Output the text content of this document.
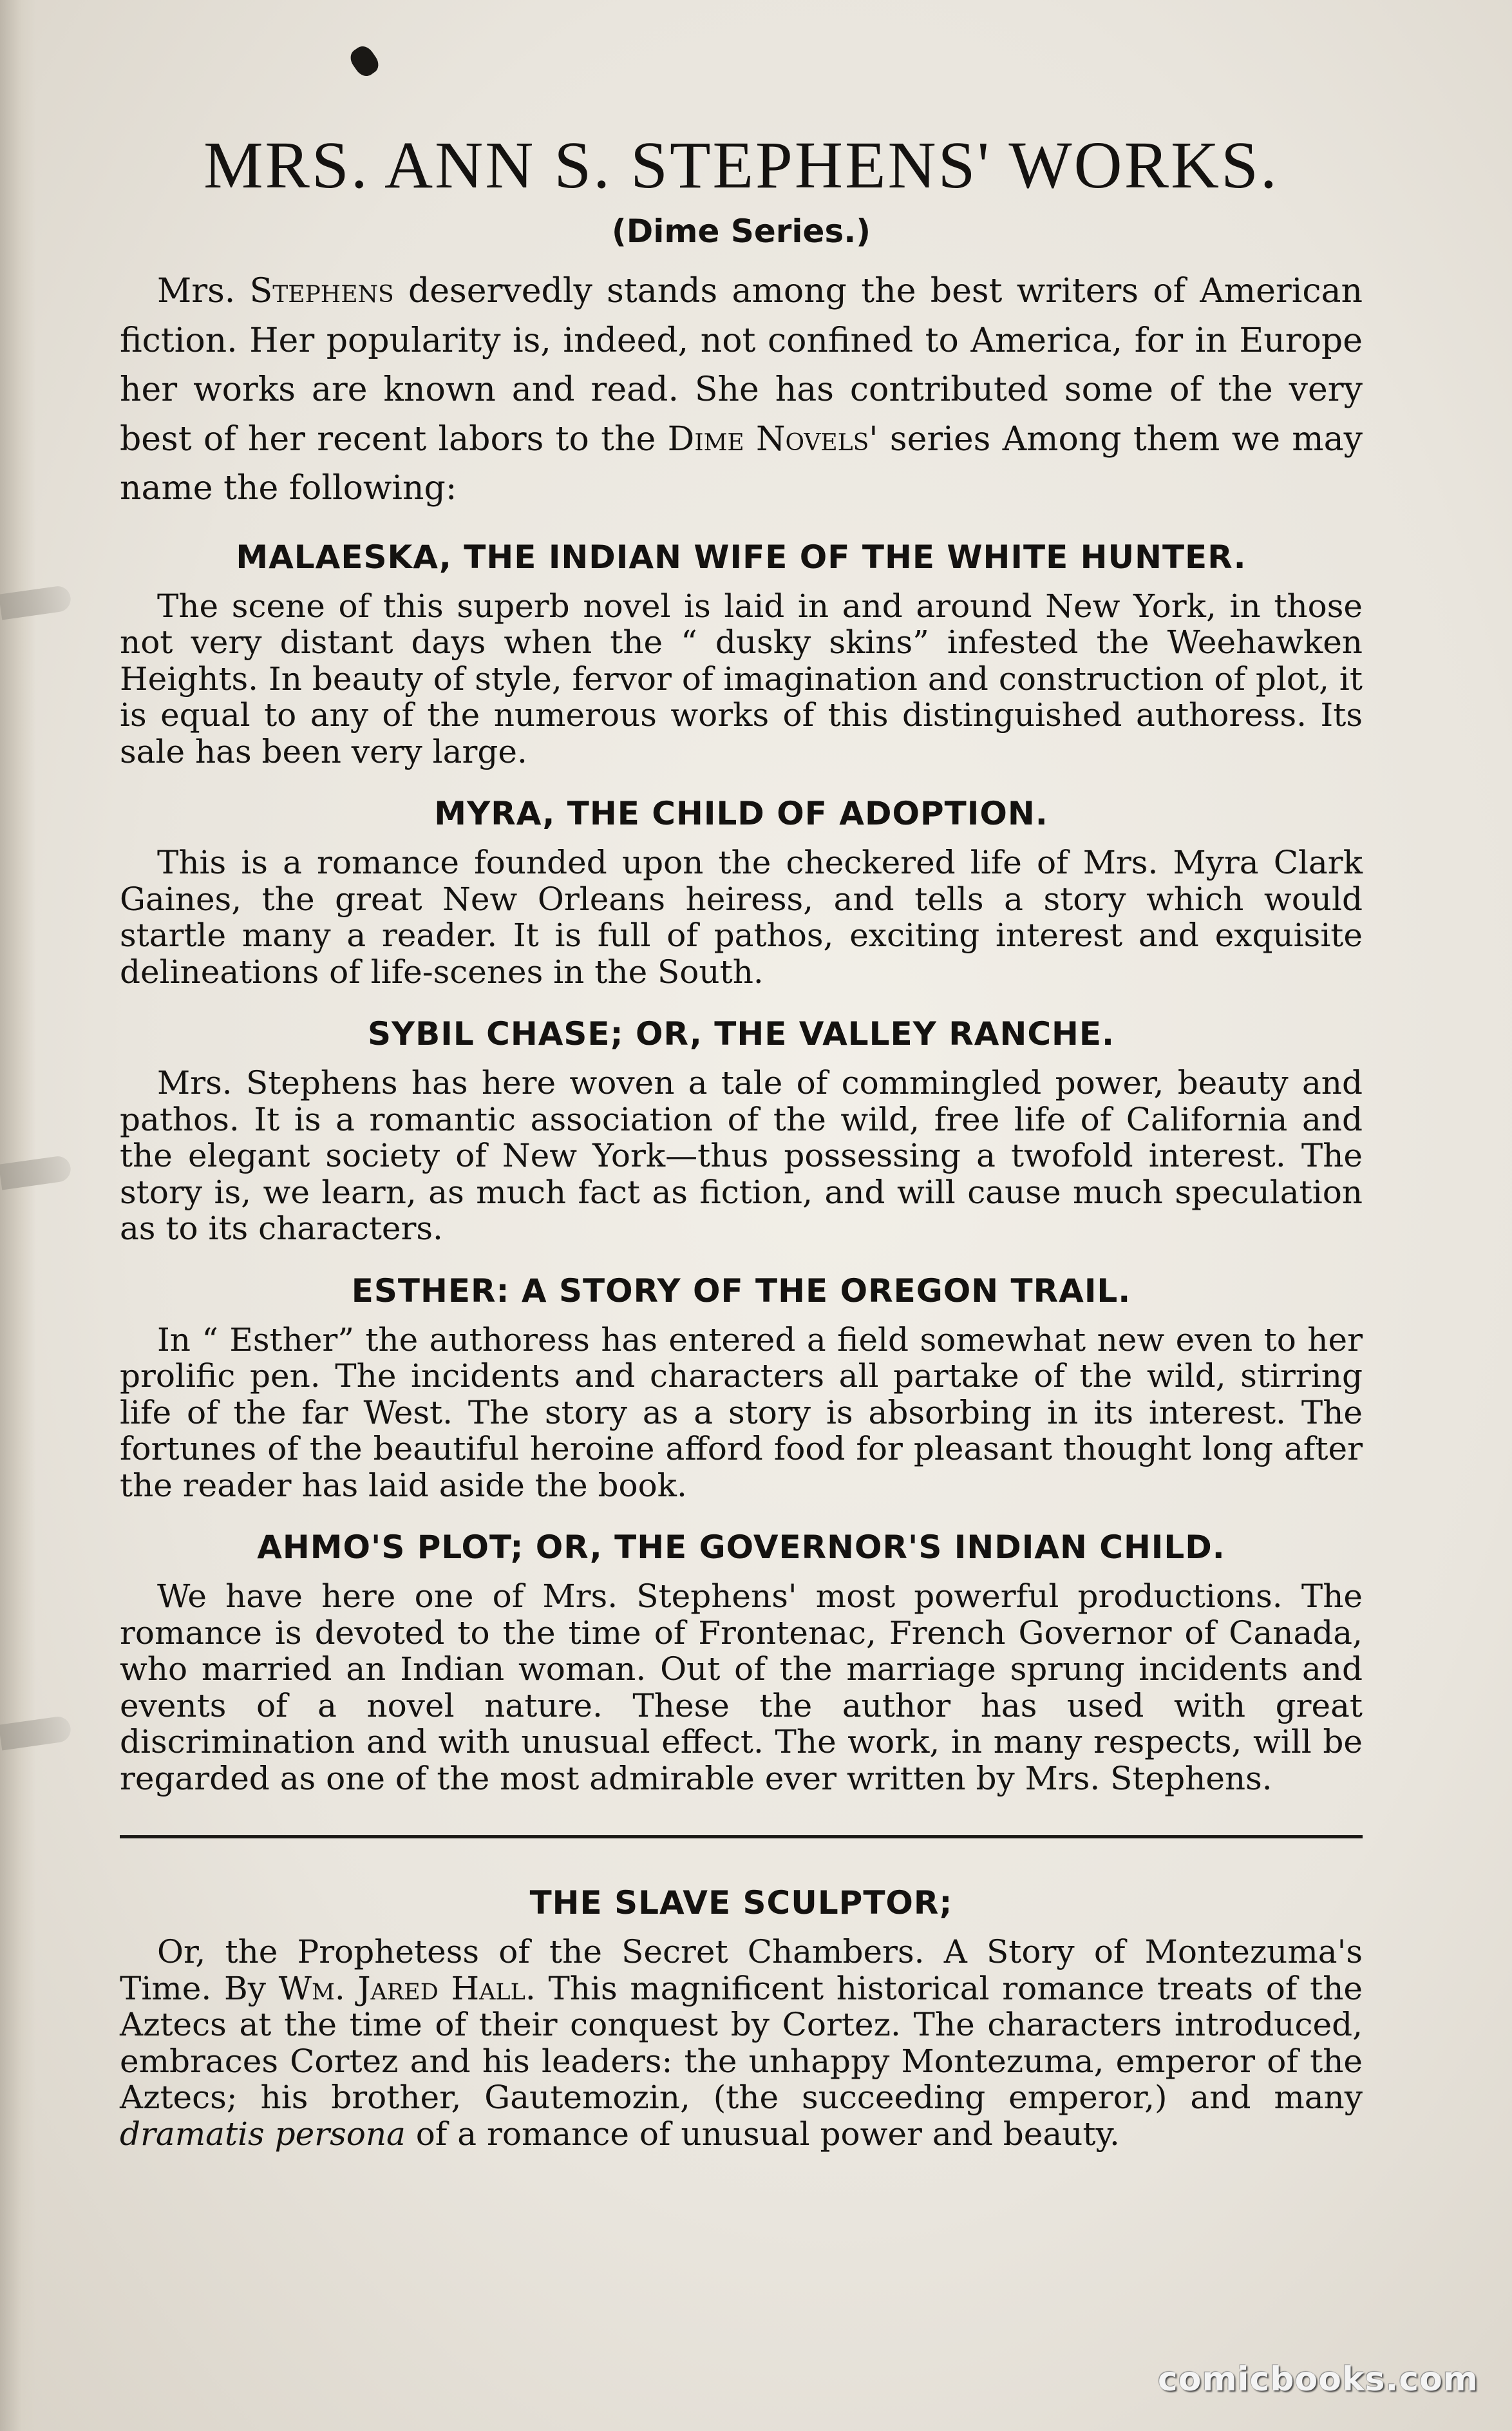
MRS. ANN S. STEPHENS' WORKS.
(Dime Series.)

Mrs. Stephens deservedly stands among the best writers of American fiction. Her popularity is, indeed, not confined to America, for in Europe her works are known and read. She has contributed some of the very best of her recent labors to the Dime Novels' series Among them we may name the following:

MALAESKA, THE INDIAN WIFE OF THE WHITE HUNTER.

The scene of this superb novel is laid in and around New York, in those not very distant days when the “ dusky skins” infested the Weehawken Heights. In beauty of style, fervor of imagination and construction of plot, it is equal to any of the numerous works of this distinguished authoress. Its sale has been very large.

MYRA, THE CHILD OF ADOPTION.

This is a romance founded upon the checkered life of Mrs. Myra Clark Gaines, the great New Orleans heiress, and tells a story which would startle many a reader. It is full of pathos, exciting interest and exquisite delineations of life-scenes in the South.

SYBIL CHASE; OR, THE VALLEY RANCHE.

Mrs. Stephens has here woven a tale of commingled power, beauty and pathos. It is a romantic association of the wild, free life of California and the elegant society of New York—thus possessing a twofold interest. The story is, we learn, as much fact as fiction, and will cause much speculation as to its characters.

ESTHER: A STORY OF THE OREGON TRAIL.

In “ Esther” the authoress has entered a field somewhat new even to her prolific pen. The incidents and characters all partake of the wild, stirring life of the far West. The story as a story is absorbing in its interest. The fortunes of the beautiful heroine afford food for pleasant thought long after the reader has laid aside the book.

AHMO'S PLOT; OR, THE GOVERNOR'S INDIAN CHILD.

We have here one of Mrs. Stephens' most powerful productions. The romance is devoted to the time of Frontenac, French Governor of Canada, who married an Indian woman. Out of the marriage sprung incidents and events of a novel nature. These the author has used with great discrimination and with unusual effect. The work, in many respects, will be regarded as one of the most admirable ever written by Mrs. Stephens.

THE SLAVE SCULPTOR;

Or, the Prophetess of the Secret Chambers. A Story of Montezuma's Time. By Wm. Jared Hall. This magnificent historical romance treats of the Aztecs at the time of their conquest by Cortez. The characters introduced, embraces Cortez and his leaders: the unhappy Montezuma, emperor of the Aztecs; his brother, Gautemozin, (the succeeding emperor,) and many dramatis persona of a romance of unusual power and beauty.

comicbooks.com
